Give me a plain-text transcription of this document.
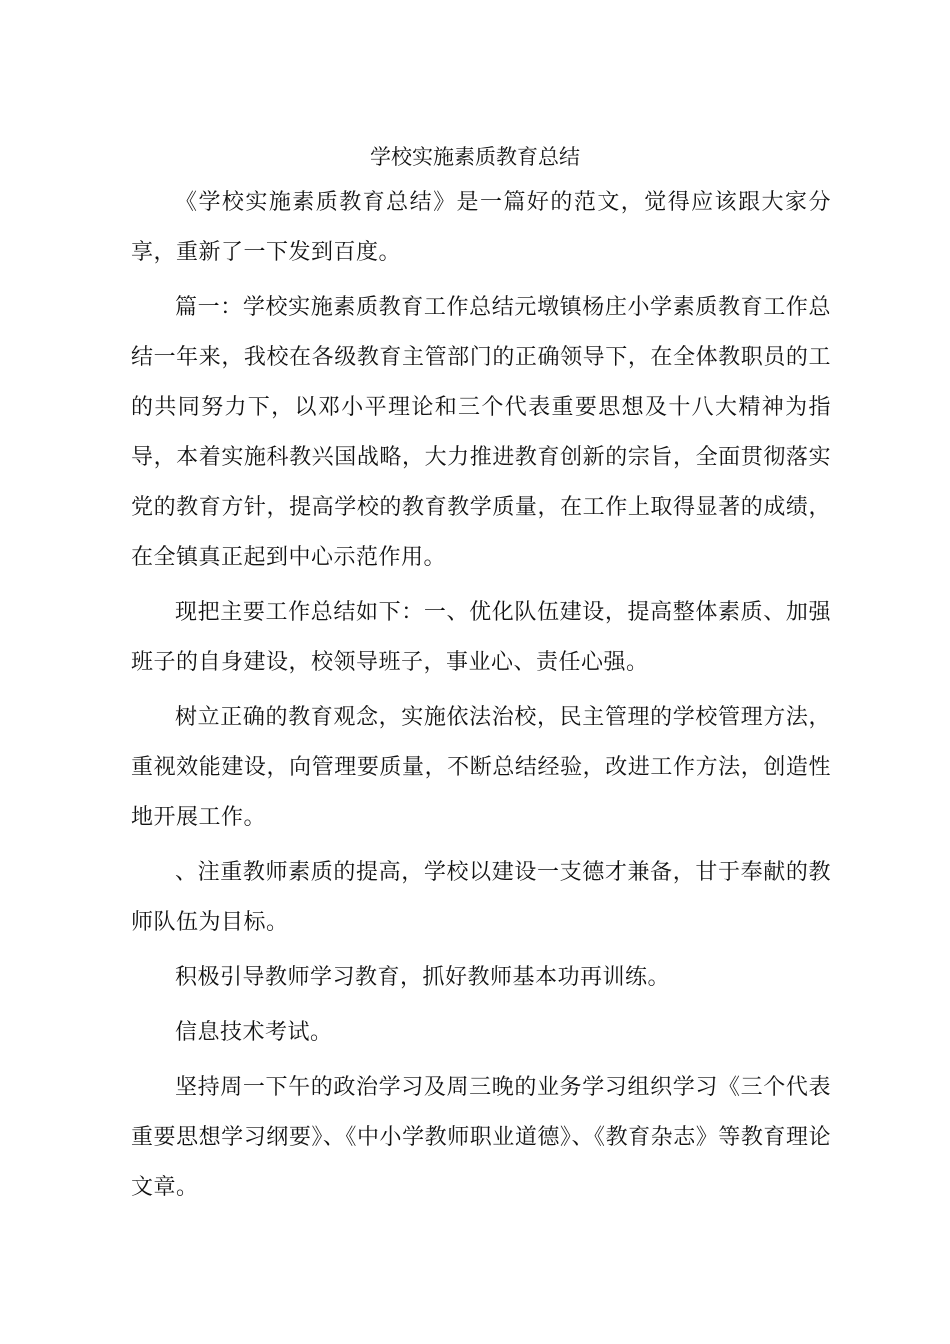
学校实施素质教育总结

《学校实施素质教育总结》是一篇好的范文，觉得应该跟大家分享，重新了一下发到百度。

篇一：学校实施素质教育工作总结元墩镇杨庄小学素质教育工作总结一年来，我校在各级教育主管部门的正确领导下，在全体教职员的工的共同努力下，以邓小平理论和三个代表重要思想及十八大精神为指导，本着实施科教兴国战略，大力推进教育创新的宗旨，全面贯彻落实党的教育方针，提高学校的教育教学质量，在工作上取得显著的成绩，在全镇真正起到中心示范作用。

现把主要工作总结如下：一、优化队伍建设，提高整体素质、加强班子的自身建设，校领导班子，事业心、责任心强。

树立正确的教育观念，实施依法治校，民主管理的学校管理方法，重视效能建设，向管理要质量，不断总结经验，改进工作方法，创造性地开展工作。

、注重教师素质的提高，学校以建设一支德才兼备，甘于奉献的教师队伍为目标。

积极引导教师学习教育，抓好教师基本功再训练。

信息技术考试。

坚持周一下午的政治学习及周三晚的业务学习组织学习《三个代表重要思想学习纲要》、《中小学教师职业道德》、《教育杂志》等教育理论文章。
